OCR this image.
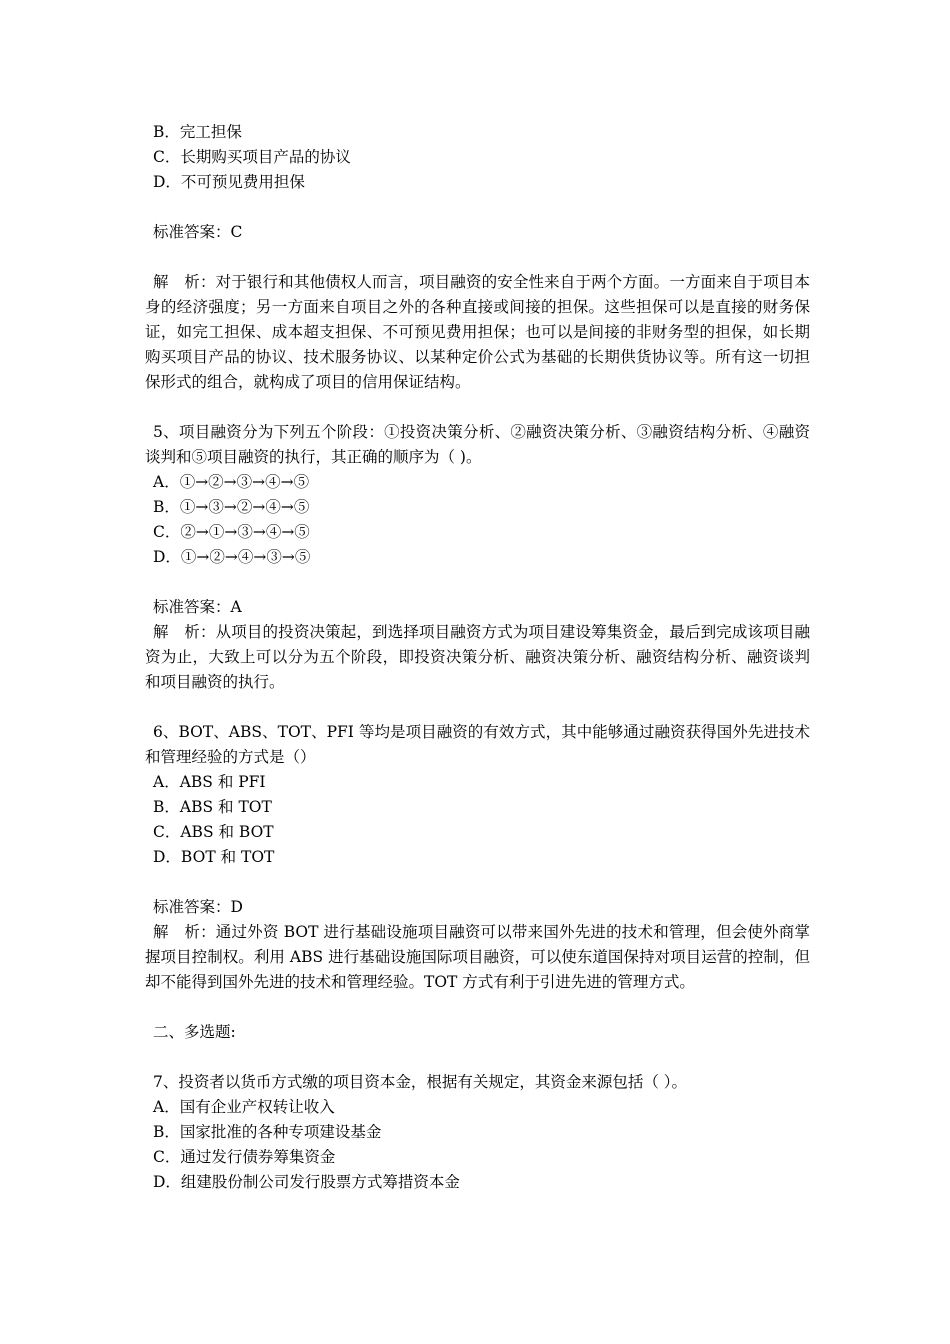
B．完工担保
C．长期购买项目产品的协议
D．不可预见费用担保
标准答案：C
解　析：对于银行和其他债权人而言，项目融资的安全性来自于两个方面。一方面来自于项目本身的经济强度；另一方面来自项目之外的各种直接或间接的担保。这些担保可以是直接的财务保证，如完工担保、成本超支担保、不可预见费用担保；也可以是间接的非财务型的担保，如长期购买项目产品的协议、技术服务协议、以某种定价公式为基础的长期供货协议等。所有这一切担保形式的组合，就构成了项目的信用保证结构。
5、项目融资分为下列五个阶段：①投资决策分析、②融资决策分析、③融资结构分析、④融资谈判和⑤项目融资的执行，其正确的顺序为（ )。
A．①→②→③→④→⑤
B．①→③→②→④→⑤
C．②→①→③→④→⑤
D．①→②→④→③→⑤
标准答案：A
解　析：从项目的投资决策起，到选择项目融资方式为项目建设筹集资金，最后到完成该项目融资为止，大致上可以分为五个阶段，即投资决策分析、融资决策分析、融资结构分析、融资谈判和项目融资的执行。
6、BOT、ABS、TOT、PFI 等均是项目融资的有效方式，其中能够通过融资获得国外先进技术和管理经验的方式是（）
A．ABS 和 PFI
B．ABS 和 TOT
C．ABS 和 BOT
D．BOT 和 TOT
标准答案：D
解　析：通过外资 BOT 进行基础设施项目融资可以带来国外先进的技术和管理，但会使外商掌握项目控制权。利用 ABS 进行基础设施国际项目融资，可以使东道国保持对项目运营的控制，但却不能得到国外先进的技术和管理经验。TOT 方式有利于引进先进的管理方式。
二、多选题:
7、投资者以货币方式缴的项目资本金，根据有关规定，其资金来源包括（ ）。
A．国有企业产权转让收入
B．国家批准的各种专项建设基金
C．通过发行债券筹集资金
D．组建股份制公司发行股票方式筹措资本金
